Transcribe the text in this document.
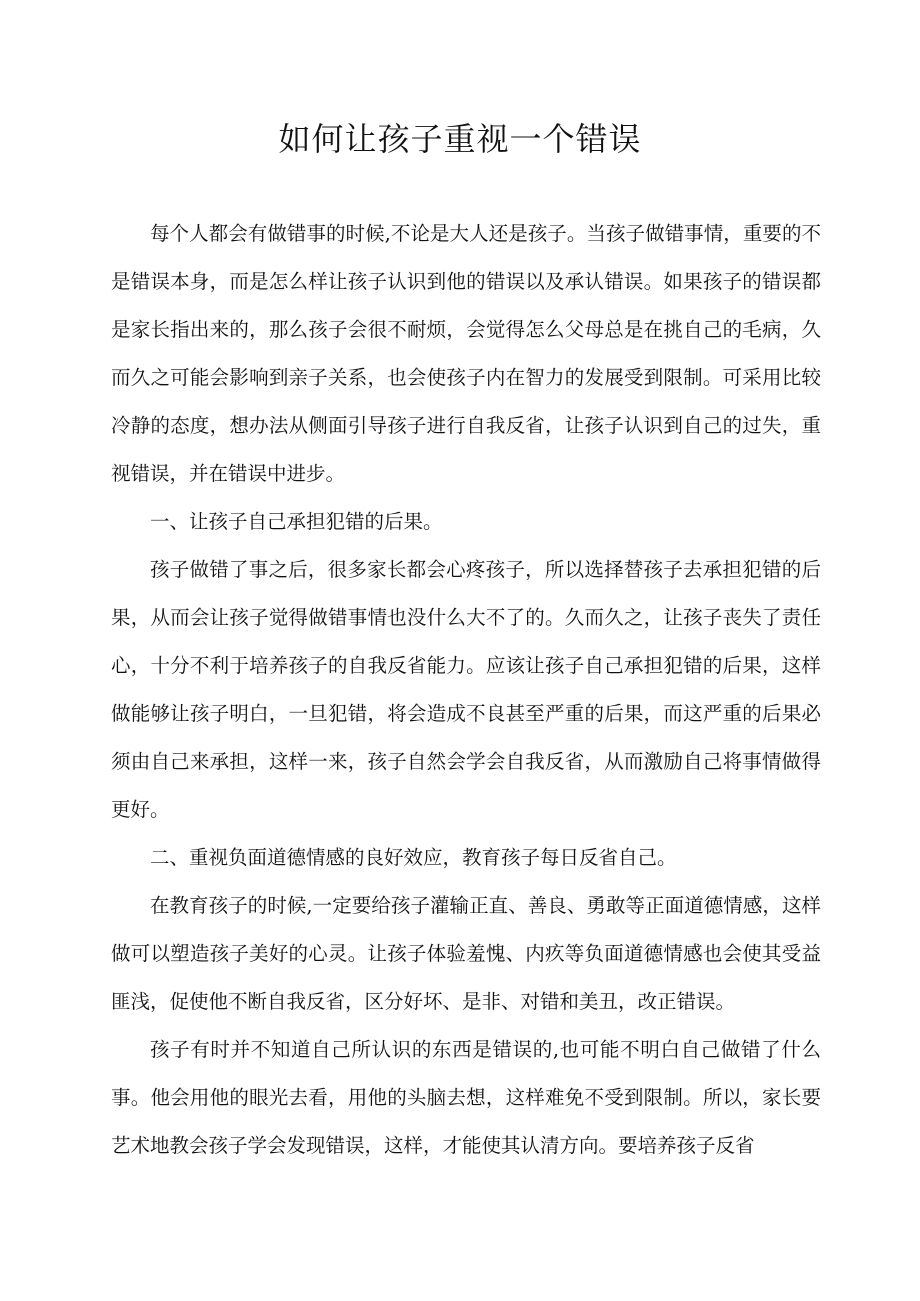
如何让孩子重视一个错误

每个人都会有做错事的时候,不论是大人还是孩子。当孩子做错事情，重要的不是错误本身，而是怎么样让孩子认识到他的错误以及承认错误。如果孩子的错误都是家长指出来的，那么孩子会很不耐烦，会觉得怎么父母总是在挑自己的毛病，久而久之可能会影响到亲子关系，也会使孩子内在智力的发展受到限制。可采用比较冷静的态度，想办法从侧面引导孩子进行自我反省，让孩子认识到自己的过失，重视错误，并在错误中进步。

一、让孩子自己承担犯错的后果。

孩子做错了事之后，很多家长都会心疼孩子，所以选择替孩子去承担犯错的后果，从而会让孩子觉得做错事情也没什么大不了的。久而久之，让孩子丧失了责任心，十分不利于培养孩子的自我反省能力。应该让孩子自己承担犯错的后果，这样做能够让孩子明白，一旦犯错，将会造成不良甚至严重的后果，而这严重的后果必须由自己来承担，这样一来，孩子自然会学会自我反省，从而激励自己将事情做得更好。

二、重视负面道德情感的良好效应，教育孩子每日反省自己。

在教育孩子的时候,一定要给孩子灌输正直、善良、勇敢等正面道德情感，这样做可以塑造孩子美好的心灵。让孩子体验羞愧、内疚等负面道德情感也会使其受益匪浅，促使他不断自我反省，区分好坏、是非、对错和美丑，改正错误。

孩子有时并不知道自己所认识的东西是错误的,也可能不明白自己做错了什么事。他会用他的眼光去看，用他的头脑去想，这样难免不受到限制。所以，家长要艺术地教会孩子学会发现错误，这样，才能使其认清方向。要培养孩子反省
